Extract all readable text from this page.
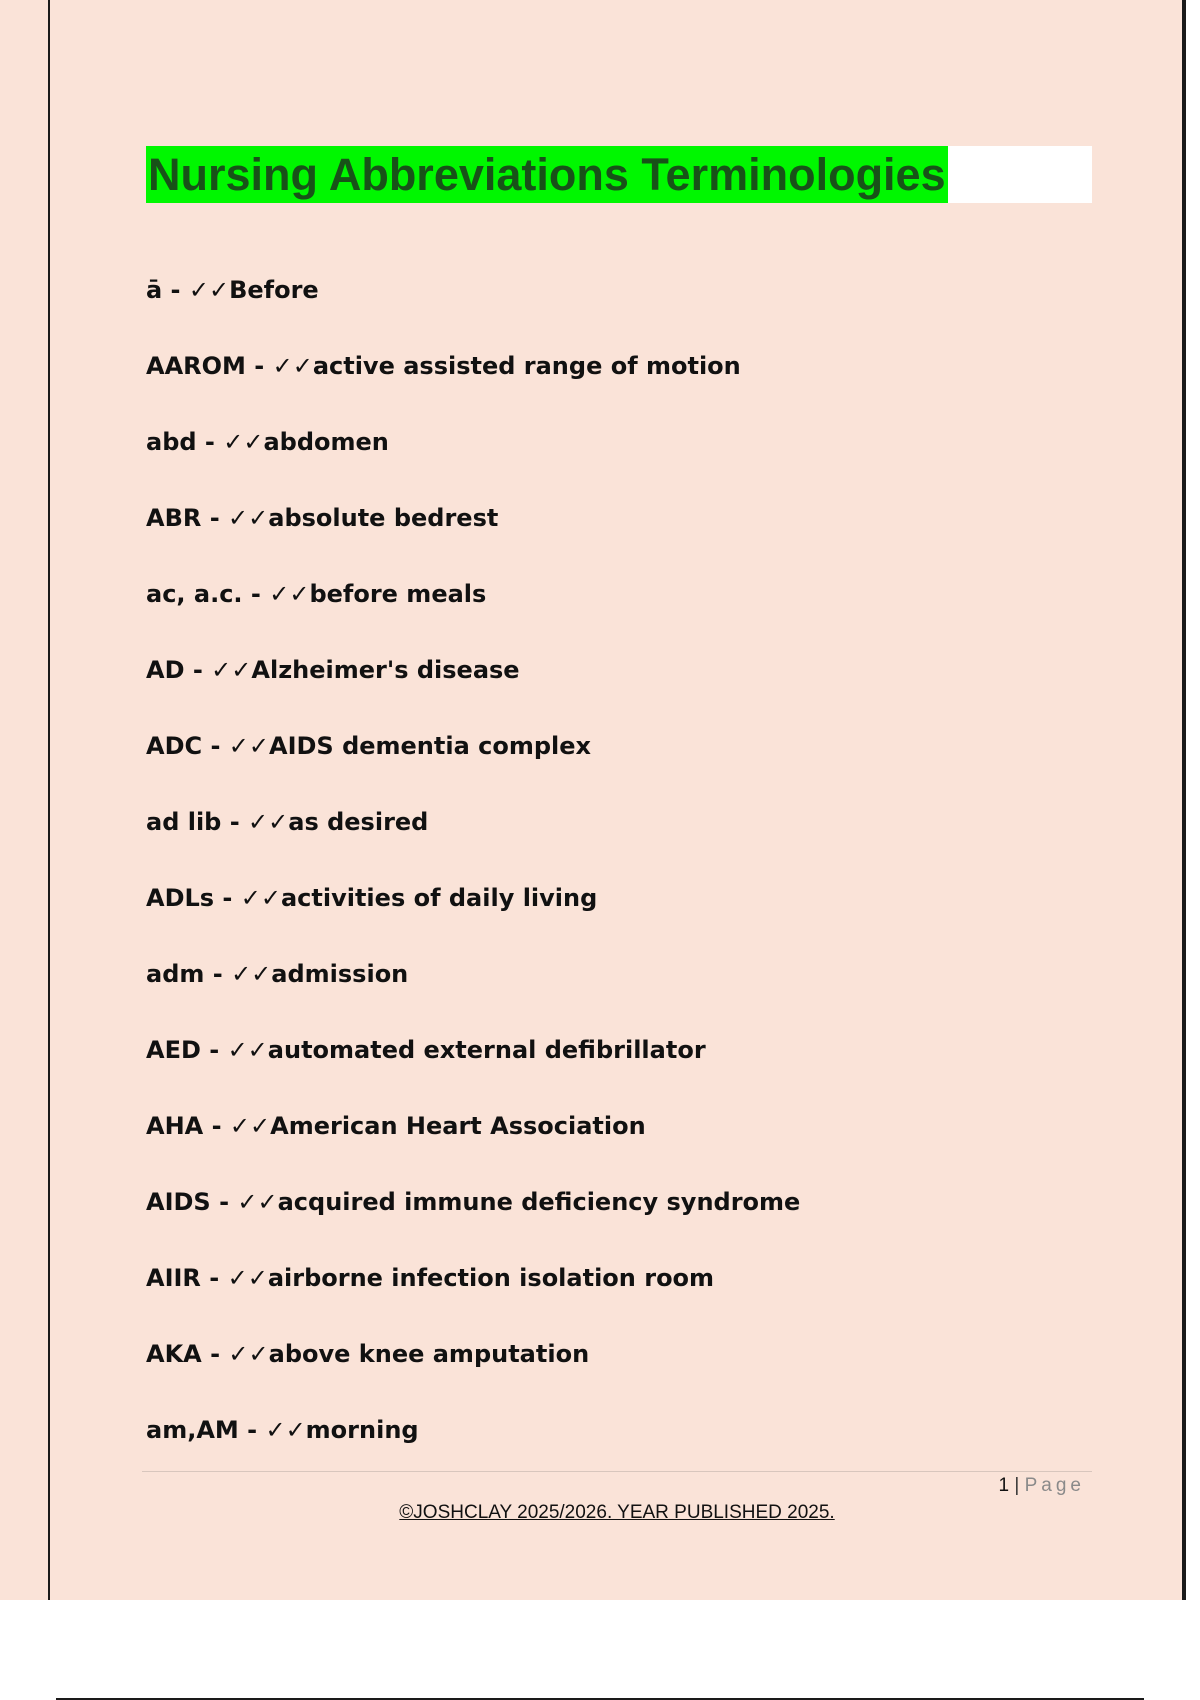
Nursing Abbreviations Terminologies
ā - ✓✓Before
AAROM - ✓✓active assisted range of motion
abd - ✓✓abdomen
ABR - ✓✓absolute bedrest
ac, a.c. - ✓✓before meals
AD - ✓✓Alzheimer's disease
ADC - ✓✓AIDS dementia complex
ad lib - ✓✓as desired
ADLs - ✓✓activities of daily living
adm - ✓✓admission
AED - ✓✓automated external defibrillator
AHA - ✓✓American Heart Association
AIDS - ✓✓acquired immune deficiency syndrome
AIIR - ✓✓airborne infection isolation room
AKA - ✓✓above knee amputation
am,AM - ✓✓morning
1 | Page
©JOSHCLAY 2025/2026. YEAR PUBLISHED 2025.
